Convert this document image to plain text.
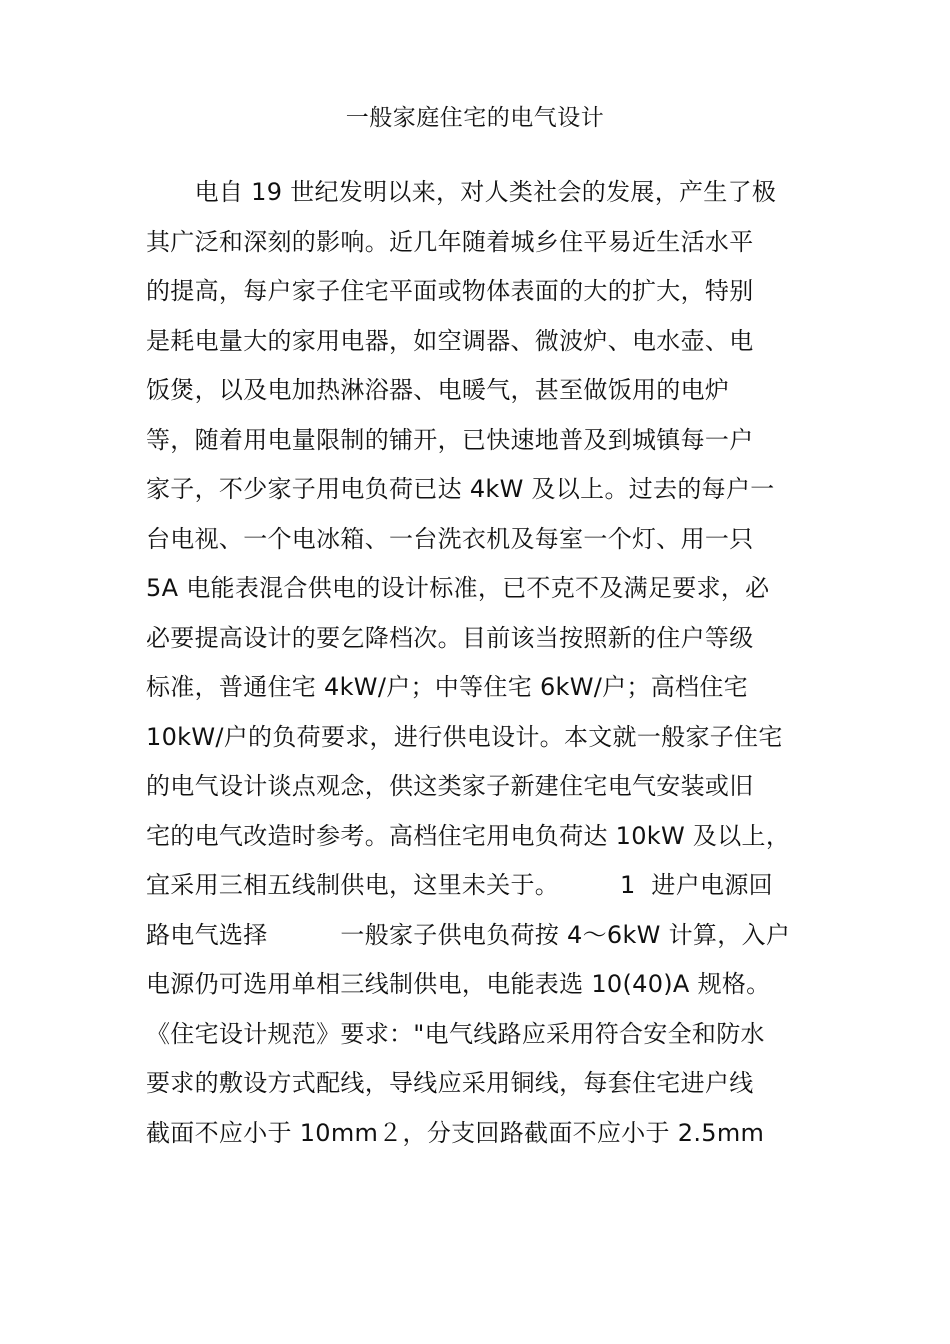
一般家庭住宅的电气设计
　　电自 19 世纪发明以来，对人类社会的发展，产生了极
其广泛和深刻的影响。近几年随着城乡住平易近生活水平
的提高，每户家子住宅平面或物体表面的大的扩大，特别
是耗电量大的家用电器，如空调器、微波炉、电水壶、电
饭煲，以及电加热淋浴器、电暖气，甚至做饭用的电炉
等，随着用电量限制的铺开，已快速地普及到城镇每一户
家子，不少家子用电负荷已达 4kW 及以上。过去的每户一
台电视、一个电冰箱、一台洗衣机及每室一个灯、用一只
5A 电能表混合供电的设计标准，已不克不及满足要求，必
必要提高设计的要乞降档次。目前该当按照新的住户等级
标准，普通住宅 4kW/户；中等住宅 6kW/户；高档住宅
10kW/户的负荷要求，进行供电设计。本文就一般家子住宅
的电气设计谈点观念，供这类家子新建住宅电气安装或旧
宅的电气改造时参考。高档住宅用电负荷达 10kW 及以上，
宜采用三相五线制供电，这里未关于。　　　1  进户电源回
路电气选择　　　一般家子供电负荷按 4～6kW 计算，入户
电源仍可选用单相三线制供电，电能表选 10(40)A 规格。
《住宅设计规范》要求："电气线路应采用符合安全和防水
要求的敷设方式配线，导线应采用铜线，每套住宅进户线
截面不应小于 10mm２，分支回路截面不应小于 2.5mm
